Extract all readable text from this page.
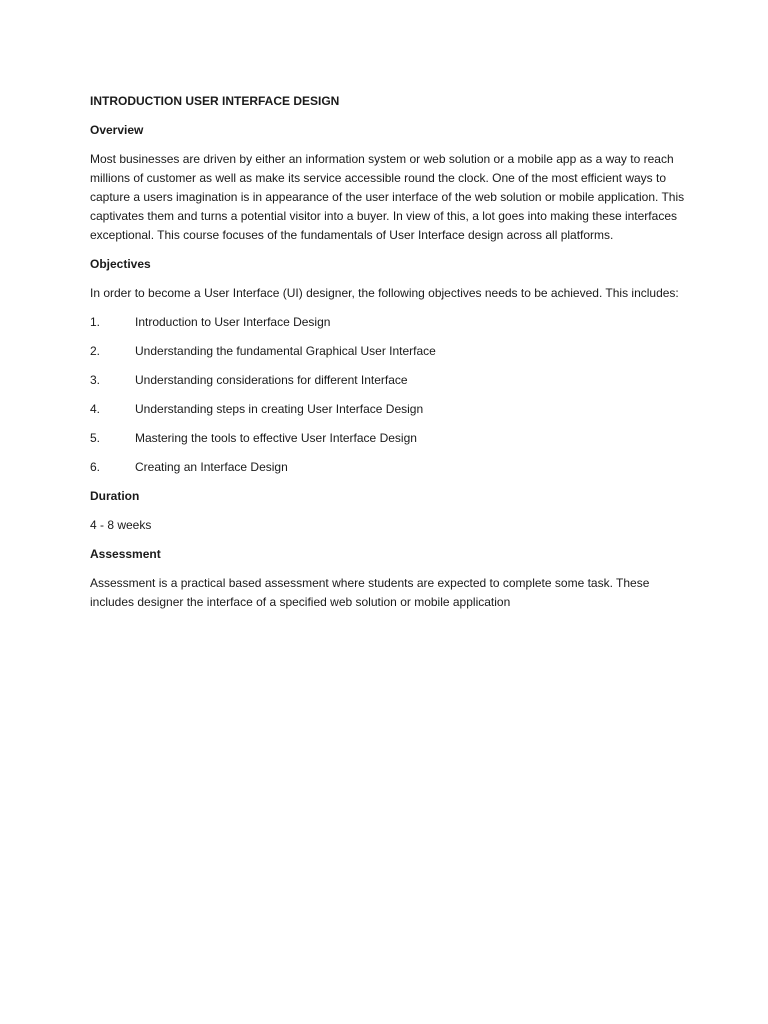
INTRODUCTION USER INTERFACE DESIGN
Overview
Most businesses are driven by either an information system or web solution or a mobile app as a way to reach millions of customer as well as make its service accessible round the clock. One of the most efficient ways to capture a users imagination is in appearance of the user interface of the web solution or mobile application. This captivates them and turns a potential visitor into a buyer. In view of this, a lot goes into making these interfaces exceptional. This course focuses of the fundamentals of User Interface design across all platforms.
Objectives
In order to become a User Interface (UI) designer, the following objectives needs to be achieved. This includes:
1.	Introduction to User Interface Design
2.	Understanding the fundamental Graphical User Interface
3.	Understanding considerations for different Interface
4.	Understanding steps in creating User Interface Design
5.	Mastering the tools to effective User Interface Design
6.	Creating an Interface Design
Duration
4 - 8 weeks
Assessment
Assessment is a practical based assessment where students are expected to complete some task. These includes designer the interface of a specified web solution or mobile application
